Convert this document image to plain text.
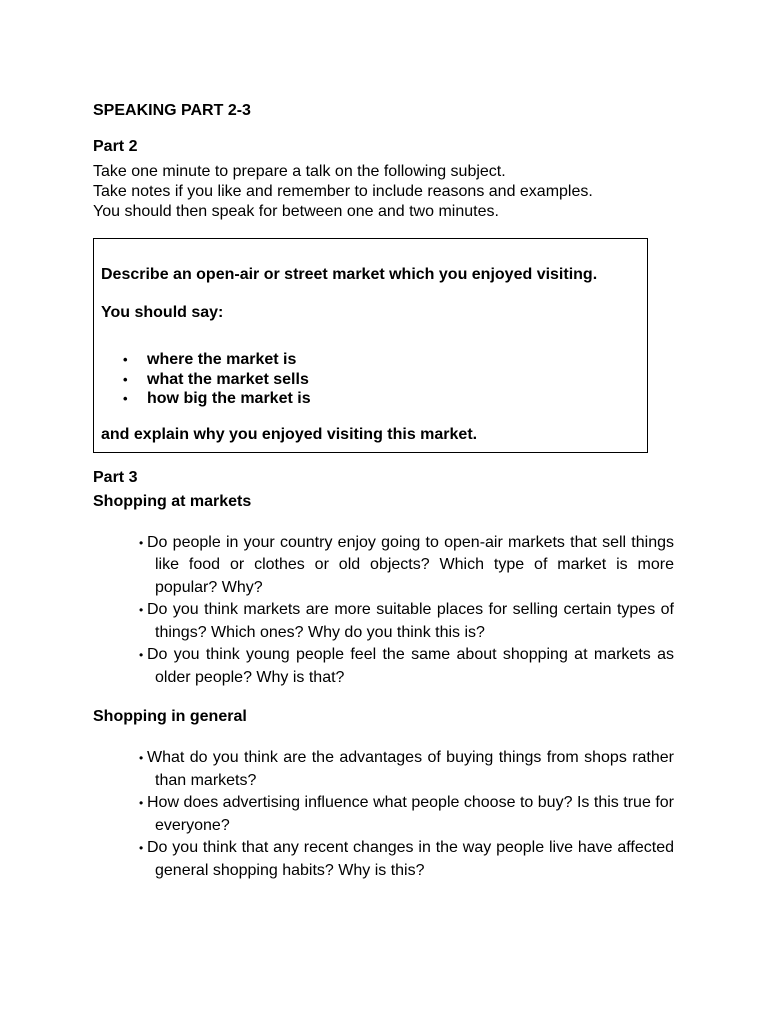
SPEAKING PART 2-3
Part 2
Take one minute to prepare a talk on the following subject.
Take notes if you like and remember to include reasons and examples.
You should then speak for between one and two minutes.

Describe an open-air or street market which you enjoyed visiting.

You should say:

• where the market is
• what the market sells
• how big the market is

and explain why you enjoyed visiting this market.

Part 3
Shopping at markets
• Do people in your country enjoy going to open-air markets that sell things like food or clothes or old objects? Which type of market is more popular? Why?
• Do you think markets are more suitable places for selling certain types of things? Which ones? Why do you think this is?
• Do you think young people feel the same about shopping at markets as older people? Why is that?
Shopping in general
• What do you think are the advantages of buying things from shops rather than markets?
• How does advertising influence what people choose to buy? Is this true for everyone?
• Do you think that any recent changes in the way people live have affected general shopping habits? Why is this?
